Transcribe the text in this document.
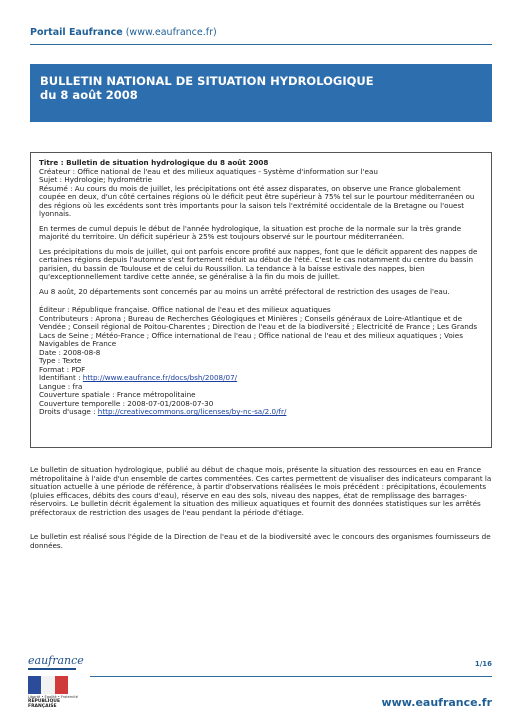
Portail Eaufrance (www.eaufrance.fr)
BULLETIN NATIONAL DE SITUATION HYDROLOGIQUE
du 8 août 2008

Titre : Bulletin de situation hydrologique du 8 août 2008

Créateur : Office national de l'eau et des milieux aquatiques - Système d'information sur l'eau

Sujet : Hydrologie; hydrométrie

Résumé : Au cours du mois de juillet, les précipitations ont été assez disparates, on observe une France globalement coupée en deux, d'un côté certaines régions où le déficit peut être supérieur à 75% tel sur le pourtour méditerranéen ou des régions où les excédents sont très importants pour la saison tels l'extrémité occidentale de la Bretagne ou l'ouest lyonnais.

En termes de cumul depuis le début de l'année hydrologique, la situation est proche de la normale sur la très grande majorité du territoire. Un déficit supérieur à 25% est toujours observé sur le pourtour méditerranéen.

Les précipitations du mois de juillet, qui ont parfois encore profité aux nappes, font que le déficit apparent des nappes de certaines régions depuis l'automne s'est fortement réduit au début de l'été. C'est le cas notamment du centre du bassin parisien, du bassin de Toulouse et de celui du Roussillon. La tendance à la baisse estivale des nappes, bien qu'exceptionnellement tardive cette année, se généralise à la fin du mois de juillet.

Au 8 août, 20 départements sont concernés par au moins un arrêté préfectoral de restriction des usages de l'eau.

Éditeur : République française. Office national de l'eau et des milieux aquatiques

Contributeurs : Aprona ; Bureau de Recherches Géologiques et Minières ; Conseils généraux de Loire-Atlantique et de Vendée ; Conseil régional de Poitou-Charentes ; Direction de l'eau et de la biodiversité ; Electricité de France ; Les Grands Lacs de Seine ; Météo-France ; Office international de l'eau ; Office national de l'eau et des milieux aquatiques ; Voies Navigables de France

Date : 2008-08-8

Type : Texte

Format : PDF

Identifiant : http://www.eaufrance.fr/docs/bsh/2008/07/

Langue : fra

Couverture spatiale : France métropolitaine

Couverture temporelle : 2008-07-01/2008-07-30

Droits d'usage : http://creativecommons.org/licenses/by-nc-sa/2.0/fr/

Le bulletin de situation hydrologique, publié au début de chaque mois, présente la situation des ressources en eau en France métropolitaine à l'aide d'un ensemble de cartes commentées. Ces cartes permettent de visualiser des indicateurs comparant la situation actuelle à une période de référence, à partir d'observations réalisées le mois précédent : précipitations, écoulements (pluies efficaces, débits des cours d'eau), réserve en eau des sols, niveau des nappes, état de remplissage des barrages-réservoirs. Le bulletin décrit également la situation des milieux aquatiques et fournit des données statistiques sur les arrêtés préfectoraux de restriction des usages de l'eau pendant la période d'étiage.

Le bulletin est réalisé sous l'égide de la Direction de l'eau et de la biodiversité avec le concours des organismes fournisseurs de données.

eaufrance
Liberté • Égalité • Fraternité
RÉPUBLIQUE FRANÇAISE
1/16
www.eaufrance.fr
